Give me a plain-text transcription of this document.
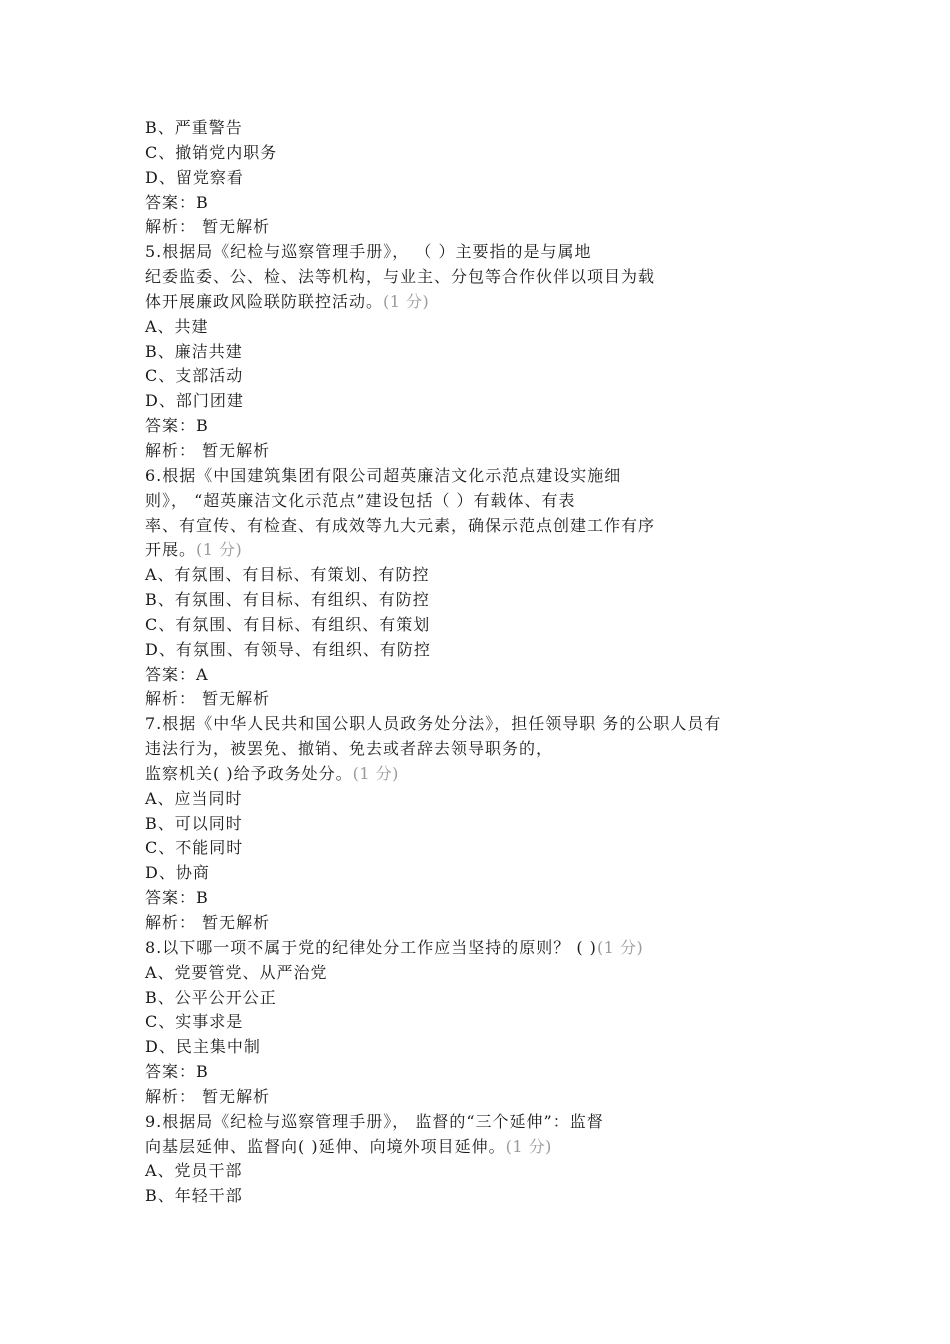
B、严重警告
C、撤销党内职务
D、留党察看
答案：B
解析： 暂无解析
5.根据局《纪检与巡察管理手册》， （ ）主要指的是与属地
纪委监委、公、检、法等机构，与业主、分包等合作伙伴以项目为载
体开展廉政风险联防联控活动。(1 分)
A、共建
B、廉洁共建
C、支部活动
D、部门团建
答案：B
解析： 暂无解析
6.根据《中国建筑集团有限公司超英廉洁文化示范点建设实施细
则》， “超英廉洁文化示范点”建设包括（ ）有载体、有表
率、有宣传、有检查、有成效等九大元素，确保示范点创建工作有序
开展。(1 分)
A、有氛围、有目标、有策划、有防控
B、有氛围、有目标、有组织、有防控
C、有氛围、有目标、有组织、有策划
D、有氛围、有领导、有组织、有防控
答案：A
解析： 暂无解析
7.根据《中华人民共和国公职人员政务处分法》，担任领导职 务的公职人员有
违法行为，被罢免、撤销、免去或者辞去领导职务的，
监察机关( )给予政务处分。(1 分)
A、应当同时
B、可以同时
C、不能同时
D、协商
答案：B
解析： 暂无解析
8.以下哪一项不属于党的纪律处分工作应当坚持的原则？ ( )(1 分)
A、党要管党、从严治党
B、公平公开公正
C、实事求是
D、民主集中制
答案：B
解析： 暂无解析
9.根据局《纪检与巡察管理手册》， 监督的“三个延伸”：监督
向基层延伸、监督向( )延伸、向境外项目延伸。(1 分)
A、党员干部
B、年轻干部
